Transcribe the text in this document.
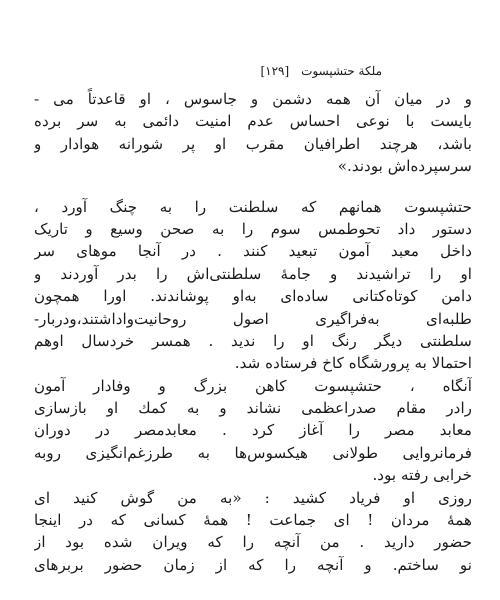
ملكة حتشپسوت
[۱۲۹]
و در میان آن همه دشمن و جاسوس ، او قاعدتاً می -
بایست با نوعی احساس عدم امنیت دائمی به سر برده
باشد، هرچند اطرافیان مقرب او پر شورانه هوادار و
سرسپرده‌اش بودند.»
حتشپسوت همانهم که سلطنت را به چنگ آورد ،
دستور داد تحوطمس سوم را به صحن وسیع و تاریک
داخل معبد آمون تبعید کنند . در آنجا موهای سر
او را تراشیدند و جامهٔ سلطنتی‌اش را بدر آوردند و
دامن کوتاه‌کتانی ساده‌ای به‌او پوشاندند. اورا همچون
طلبه‌ای به‌فراگیری اصول روحانیت‌واداشتند،ودربار-
سلطنتی دیگر رنگ او را ندید . همسر خردسال اوهم
احتمالا به پرورشگاه کاخ فرستاده شد.
آنگاه ، حتشپسوت کاهن بزرگ و وفادار آمون
رادر مقام صدراعظمی نشاند و به کمك او بازسازی
معابد مصر را آغاز کرد . معابدمصر در دوران
فرمانروایی طولانی هیکسوس‌ها به طرزغم‌انگیزی روبه
خرابی رفته بود.
روزی او فریاد کشید : «به من گوش کنید ای
همهٔ مردان ! ای جماعت ! همهٔ کسانی که در اینجا
حضور دارید . من آنچه را که ویران شده بود از
نو ساختم. و آنچه را که از زمان حضور بربرهای
